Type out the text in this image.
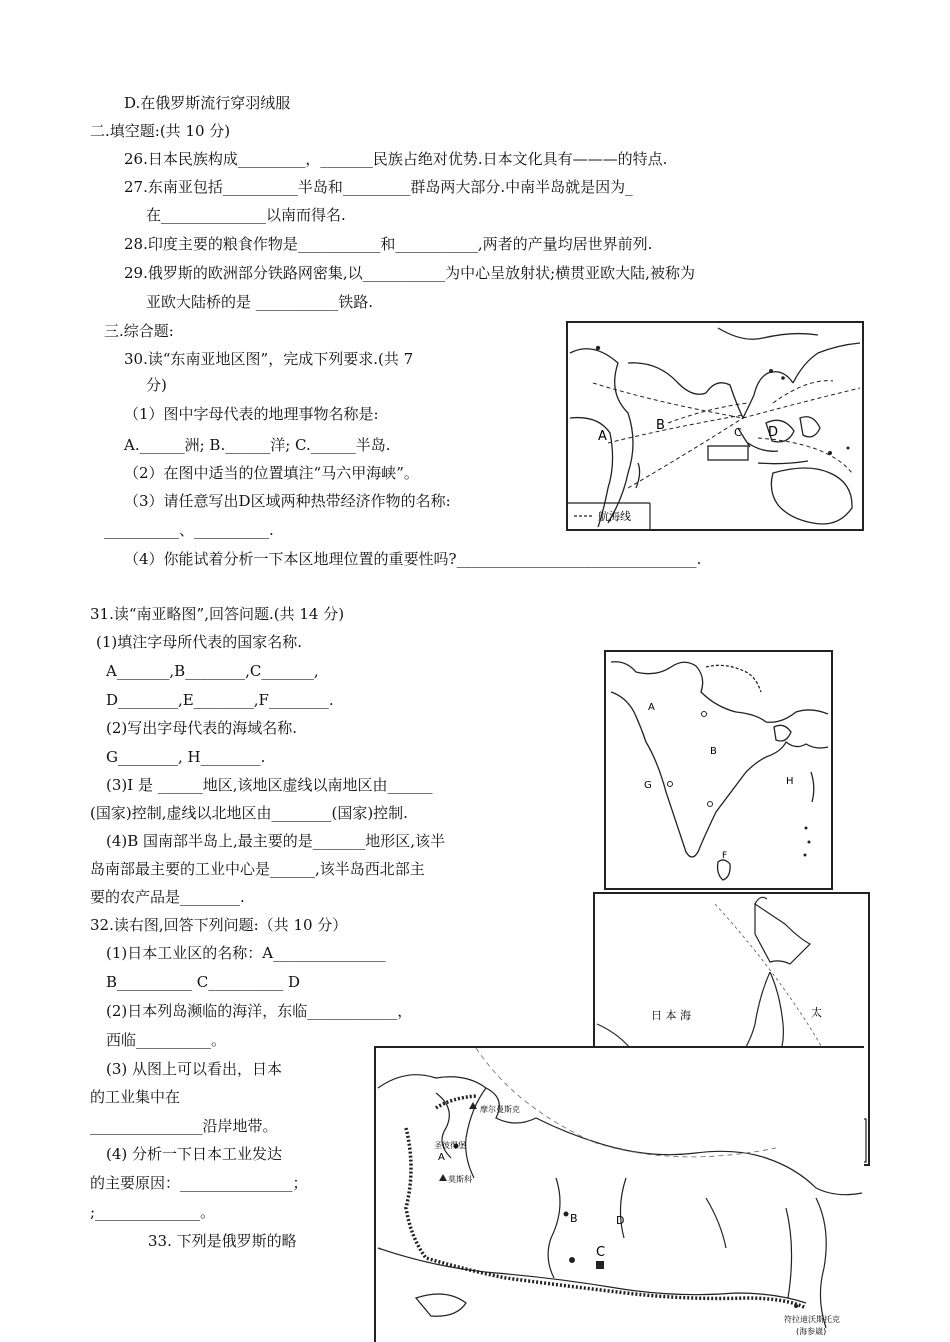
D.在俄罗斯流行穿羽绒服
二.填空题:(共 10 分)
26.日本民族构成_________，_______民族占绝对优势.日本文化具有———的特点.
27.东南亚包括__________半岛和_________群岛两大部分.中南半岛就是因为_
在______________以南而得名.
28.印度主要的粮食作物是___________和___________,两者的产量均居世界前列.
29.俄罗斯的欧洲部分铁路网密集,以___________为中心呈放射状;横贯亚欧大陆,被称为
亚欧大陆桥的是 ___________铁路.
三.综合题:
30.读“东南亚地区图”，完成下列要求.(共 7
分)
（1）图中字母代表的地理事物名称是:
A.______洲; B.______洋; C.______半岛.
（2）在图中适当的位置填注“马六甲海峡”。
（3）请任意写出D区域两种热带经济作物的名称:
__________、__________.
（4）你能试着分析一下本区地理位置的重要性吗?________________________________.
31.读“南亚略图”,回答问题.(共 14 分)
(1)填注字母所代表的国家名称.
A_______,B________,C_______,
D________,E________,F________.
(2)写出字母代表的海域名称.
G________, H________.
(3)I 是 ______地区,该地区虚线以南地区由______
(国家)控制,虚线以北地区由________(国家)控制.
(4)B 国南部半岛上,最主要的是_______地形区,该半
岛南部最主要的工业中心是______,该半岛西北部主
要的农产品是________.
32.读右图,回答下列问题:（共 10 分）
(1)日本工业区的名称：A_______________
B__________ C__________ D
(2)日本列岛濒临的海洋，东临____________，
西临__________。
(3) 从图上可以看出，日本
的工业集中在
_______________沿岸地带。
(4) 分析一下日本工业发达
的主要原因：_______________；
;______________。
33. 下列是俄罗斯的略
A
B	C D
航海线
A
B
G	H
F
日 本 海	太
摩尔曼斯克
圣彼得堡
莫斯科
A
B
C
D
符拉迪沃斯托克
(海参崴)
